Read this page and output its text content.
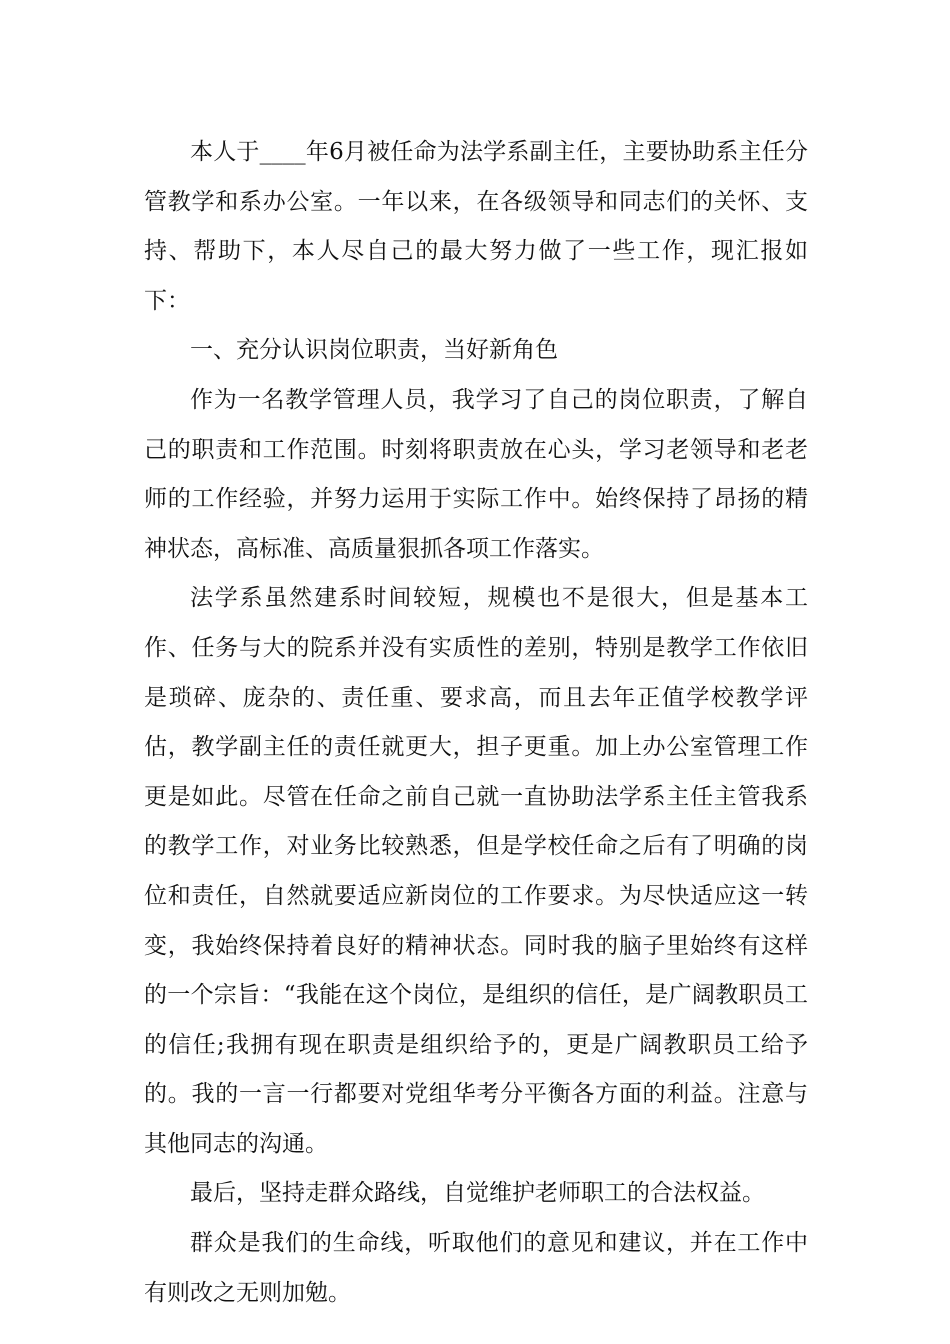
本人于____年6月被任命为法学系副主任，主要协助系主任分管教学和系办公室。一年以来，在各级领导和同志们的关怀、支持、帮助下，本人尽自己的最大努力做了一些工作，现汇报如下：

一、充分认识岗位职责，当好新角色

作为一名教学管理人员，我学习了自己的岗位职责，了解自己的职责和工作范围。时刻将职责放在心头，学习老领导和老老师的工作经验，并努力运用于实际工作中。始终保持了昂扬的精神状态，高标准、高质量狠抓各项工作落实。

法学系虽然建系时间较短，规模也不是很大，但是基本工作、任务与大的院系并没有实质性的差别，特别是教学工作依旧是琐碎、庞杂的、责任重、要求高，而且去年正值学校教学评估，教学副主任的责任就更大，担子更重。加上办公室管理工作更是如此。尽管在任命之前自己就一直协助法学系主任主管我系的教学工作，对业务比较熟悉，但是学校任命之后有了明确的岗位和责任，自然就要适应新岗位的工作要求。为尽快适应这一转变，我始终保持着良好的精神状态。同时我的脑子里始终有这样的一个宗旨：“我能在这个岗位，是组织的信任，是广阔教职员工的信任;我拥有现在职责是组织给予的，更是广阔教职员工给予的。我的一言一行都要对党组华考分平衡各方面的利益。注意与其他同志的沟通。

最后，坚持走群众路线，自觉维护老师职工的合法权益。

群众是我们的生命线，听取他们的意见和建议，并在工作中有则改之无则加勉。
